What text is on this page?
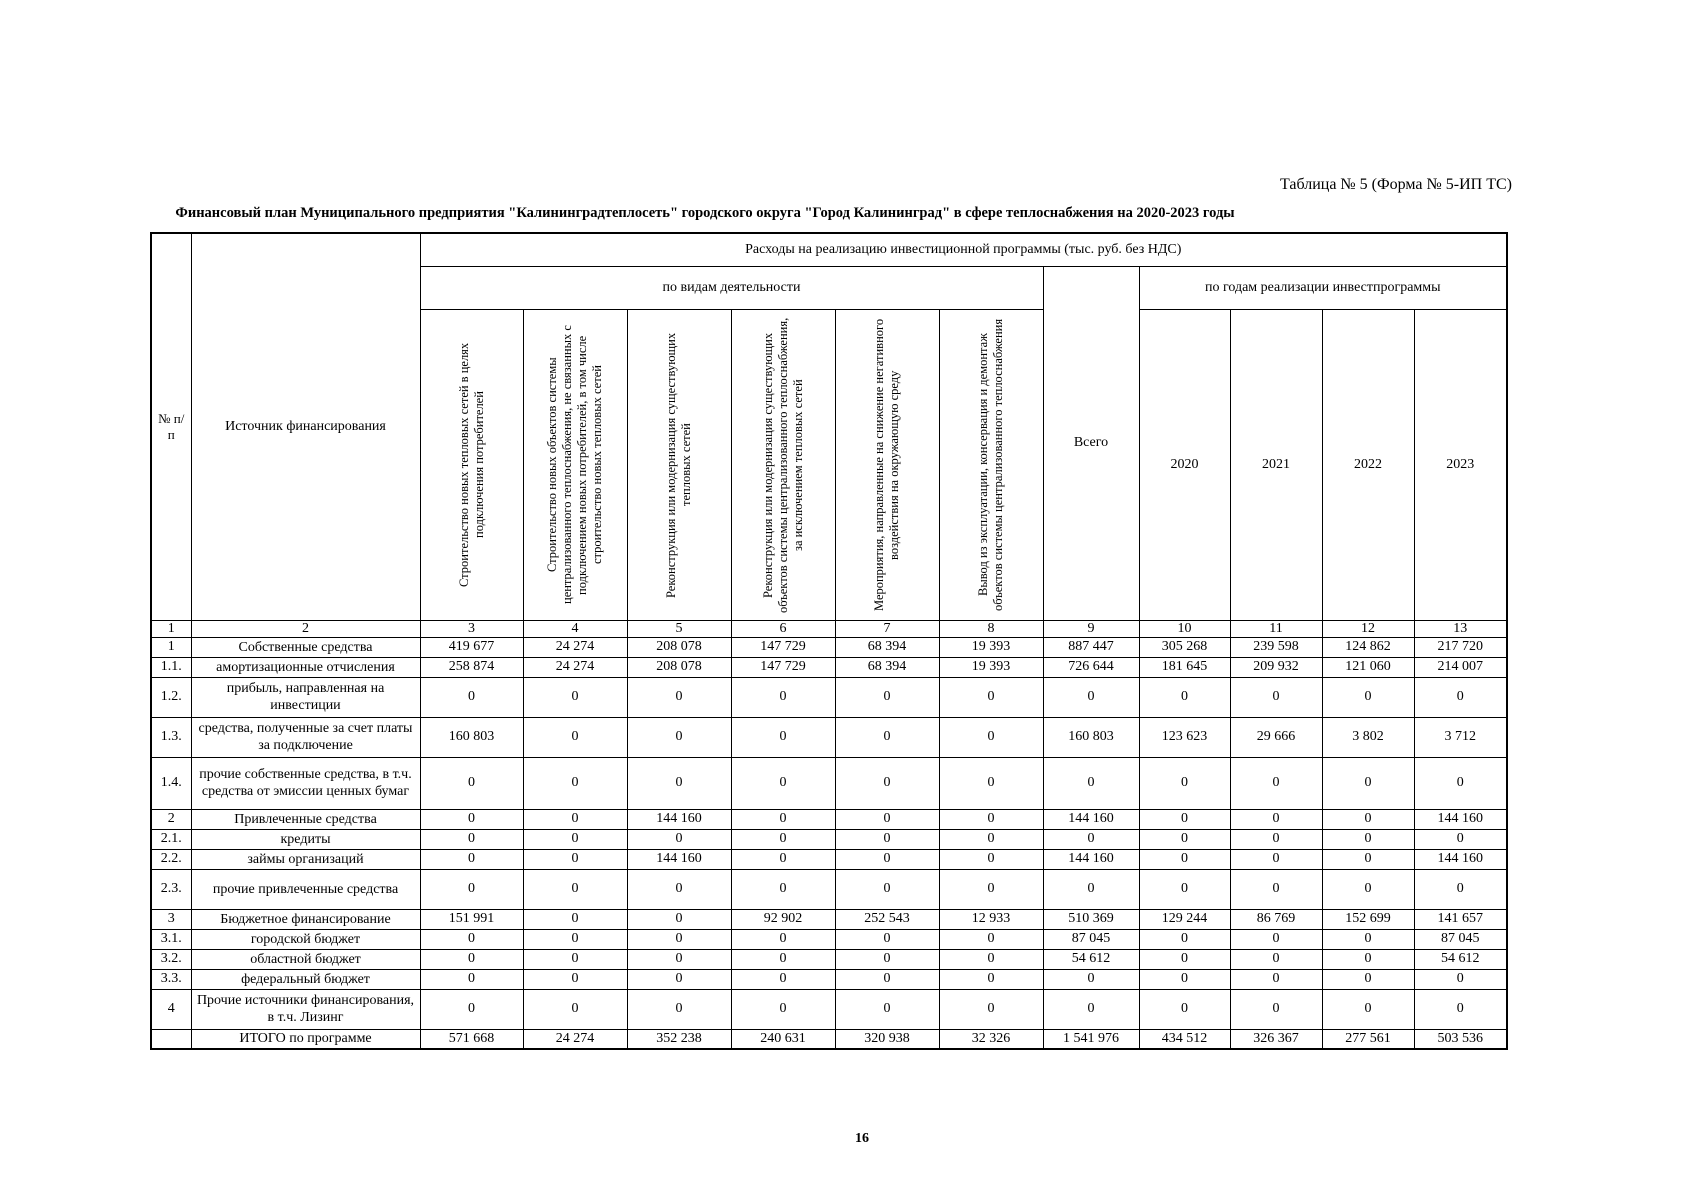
Таблица № 5 (Форма № 5-ИП ТС)
Финансовый план Муниципального предприятия "Калининградтеплосеть" городского округа "Город Калининград" в сфере теплоснабжения на 2020-2023 годы
№ п/п	Источник финансирования	Расходы на реализацию инвестиционной программы (тыс. руб. без НДС)										
		по видам деятельности						Всего	по годам реализации инвестпрограммы			

		Строительство новых тепловых сетей в целях подключения потребителей	Строительство новых объектов системы централизованного теплоснабжения, не связанных с подключением новых потребителей, в том числе строительство новых тепловых сетей	Реконструкция или модернизация существующих тепловых сетей	Реконструкция или модернизация существующих объектов системы централизованного теплоснабжения, за исключением тепловых сетей	Мероприятия, направленные на снижение негативного воздействия на окружающую среду	Вывод из эксплуатации, консервация и демонтаж объектов системы централизованного теплоснабжения		2020	2021	2022	2023
1	2	3	4	5	6	7	8	9	10	11	12	13
1	Собственные средства	419 677	24 274	208 078	147 729	68 394	19 393	887 447	305 268	239 598	124 862	217 720
1.1.	амортизационные отчисления	258 874	24 274	208 078	147 729	68 394	19 393	726 644	181 645	209 932	121 060	214 007
1.2.	прибыль, направленная на инвестиции	0	0	0	0	0	0	0	0	0	0	0
1.3.	средства, полученные за счет платы за подключение	160 803	0	0	0	0	0	160 803	123 623	29 666	3 802	3 712
1.4.	прочие собственные средства, в т.ч. средства от эмиссии ценных бумаг	0	0	0	0	0	0	0	0	0	0	0
2	Привлеченные средства	0	0	144 160	0	0	0	144 160	0	0	0	144 160
2.1.	кредиты	0	0	0	0	0	0	0	0	0	0	0
2.2.	займы организаций	0	0	144 160	0	0	0	144 160	0	0	0	144 160
2.3.	прочие привлеченные средства	0	0	0	0	0	0	0	0	0	0	0
3	Бюджетное финансирование	151 991	0	0	92 902	252 543	12 933	510 369	129 244	86 769	152 699	141 657
3.1.	городской бюджет	0	0	0	0	0	0	87 045	0	0	0	87 045
3.2.	областной бюджет	0	0	0	0	0	0	54 612	0	0	0	54 612
3.3.	федеральный бюджет	0	0	0	0	0	0	0	0	0	0	0
4	Прочие источники финансирования, в т.ч. Лизинг	0	0	0	0	0	0	0	0	0	0	0
	ИТОГО по программе	571 668	24 274	352 238	240 631	320 938	32 326	1 541 976	434 512	326 367	277 561	503 536
16
